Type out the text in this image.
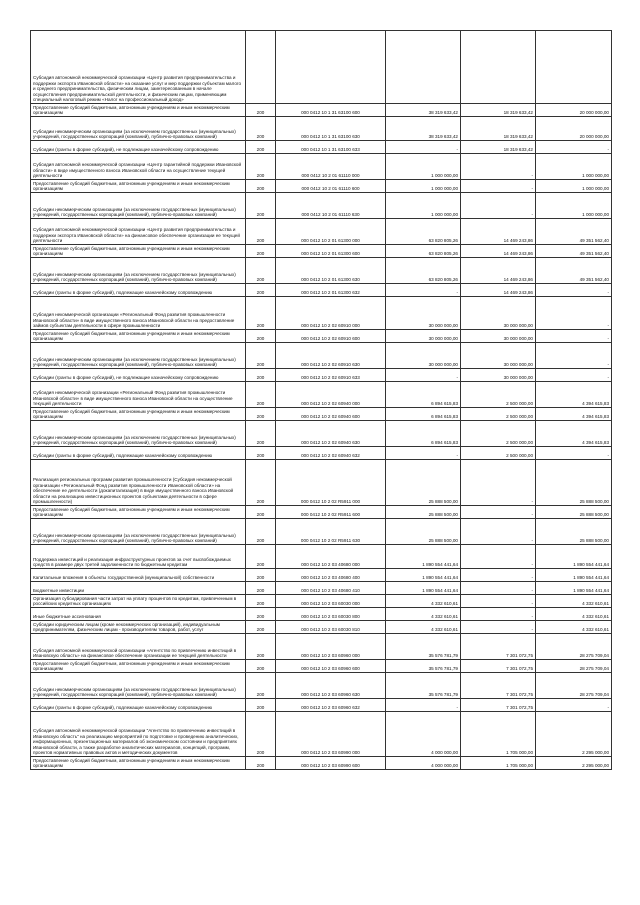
Субсидия автономной некоммерческой организации «Центр развития предпринимательства и поддержки экспорта Ивановской области» на оказание услуг и мер поддержки субъектам малого и среднего предпринимательства, физическим лицам, заинтересованным в начале осуществления предпринимательской деятельности, и физическим лицам, применяющим специальный налоговый режим «Налог на профессиональный доход»					
Предоставление субсидий бюджетным, автономным учреждениям и иным некоммерческим организациям	200	000 0412 10 1 31 63100 600	38 319 633,42	18 319 633,42	20 000 000,00
Субсидии некоммерческим организациям (за исключением государственных (муниципальных) учреждений, государственных корпораций (компаний), публично-правовых компаний)	200	000 0412 10 1 31 63100 630	38 319 633,42	18 319 633,42	20 000 000,00
Субсидии (гранты в форме субсидий), не подлежащие казначейскому сопровождению	200	000 0412 10 1 31 63100 633	-	18 319 633,42	-
Субсидия автономной некоммерческой организации «Центр гарантийной поддержки Ивановской области» в виде имущественного взноса Ивановской области на осуществление текущей деятельности	200	000 0412 10 2 01 61110 000	1 000 000,00	-	1 000 000,00
Предоставление субсидий бюджетным, автономным учреждениям и иным некоммерческим организациям	200	000 0412 10 2 01 61110 600	1 000 000,00	-	1 000 000,00
Субсидии некоммерческим организациям (за исключением государственных (муниципальных) учреждений, государственных корпораций (компаний), публично-правовых компаний)	200	000 0412 10 2 01 61110 630	1 000 000,00	-	1 000 000,00
Субсидия автономной некоммерческой организации «Центр развития предпринимательства и поддержки экспорта Ивановской области» на финансовое обеспечение организации ее текущей деятельности	200	000 0412 10 2 01 61300 000	63 820 805,26	14 469 243,86	49 351 562,40
Предоставление субсидий бюджетным, автономным учреждениям и иным некоммерческим организациям	200	000 0412 10 2 01 61300 600	63 820 805,26	14 469 243,86	49 351 562,40
Субсидии некоммерческим организациям (за исключением государственных (муниципальных) учреждений, государственных корпораций (компаний), публично-правовых компаний)	200	000 0412 10 2 01 61300 630	63 820 805,26	14 469 243,86	49 351 562,40
Субсидии (гранты в форме субсидий), подлежащие казначейскому сопровождению	200	000 0412 10 2 01 61300 632	-	14 469 243,86	-
Субсидия некоммерческой организации «Региональный Фонд развития промышленности Ивановской области» в виде имущественного взноса Ивановской области на предоставление займов субъектам деятельности в сфере промышленности	200	000 0412 10 2 02 60910 000	30 000 000,00	30 000 000,00	-
Предоставление субсидий бюджетным, автономным учреждениям и иным некоммерческим организациям	200	000 0412 10 2 02 60910 600	30 000 000,00	30 000 000,00	-
Субсидии некоммерческим организациям (за исключением государственных (муниципальных) учреждений, государственных корпораций (компаний), публично-правовых компаний)	200	000 0412 10 2 02 60910 630	30 000 000,00	30 000 000,00	-
Субсидии (гранты в форме субсидий), не подлежащие казначейскому сопровождению	200	000 0412 10 2 02 60910 633	-	30 000 000,00	-
Субсидия некоммерческой организации «Региональный Фонд развития промышленности Ивановской области» в виде имущественного взноса Ивановской области на осуществление текущей деятельности	200	000 0412 10 2 02 60940 000	6 894 615,83	2 500 000,00	4 394 615,83
Предоставление субсидий бюджетным, автономным учреждениям и иным некоммерческим организациям	200	000 0412 10 2 02 60940 600	6 894 615,83	2 500 000,00	4 394 615,83
Субсидии некоммерческим организациям (за исключением государственных (муниципальных) учреждений, государственных корпораций (компаний), публично-правовых компаний)	200	000 0412 10 2 02 60940 630	6 894 615,83	2 500 000,00	4 394 615,83
Субсидии (гранты в форме субсидий), подлежащие казначейскому сопровождению	200	000 0412 10 2 02 60940 632	-	2 500 000,00	-
Реализация региональных программ развития промышленности (Субсидия некоммерческой организации «Региональный Фонд развития промышленности Ивановской области» на обеспечение ее деятельности (докапитализация) в виде имущественного взноса Ивановской области на реализацию инвестиционных проектов субъектами деятельности в сфере промышленности)	200	000 0412 10 2 02 R5911 000	25 888 500,00	-	25 888 500,00
Предоставление субсидий бюджетным, автономным учреждениям и иным некоммерческим организациям	200	000 0412 10 2 02 R5911 600	25 888 500,00	-	25 888 500,00
Субсидии некоммерческим организациям (за исключением государственных (муниципальных) учреждений, государственных корпораций (компаний), публично-правовых компаний)	200	000 0412 10 2 02 R5911 630	25 888 500,00	-	25 888 500,00
Поддержка инвестиций и реализация инфраструктурных проектов за счет высвобождаемых средств в размере двух третей задолженности по бюджетным кредитам	200	000 0412 10 2 03 40680 000	1 890 554 441,64	-	1 890 554 441,64
Капитальные вложения в объекты государственной (муниципальной) собственности	200	000 0412 10 2 03 40680 400	1 890 554 441,64	-	1 890 554 441,64
Бюджетные инвестиции	200	000 0412 10 2 03 40680 410	1 890 554 441,64	-	1 890 554 441,64
Организация субсидирования части затрат на уплату процентов по кредитам, привлеченным в российских кредитных организациях	200	000 0412 10 2 03 60030 000	4 332 610,61	-	4 332 610,61
Иные бюджетные ассигнования	200	000 0412 10 2 03 60030 800	4 332 610,61	-	4 332 610,61
Субсидии юридическим лицам (кроме некоммерческих организаций), индивидуальным предпринимателям, физическим лицам - производителям товаров, работ, услуг	200	000 0412 10 2 03 60030 810	4 332 610,61	-	4 332 610,61
Субсидия автономной некоммерческой организации «Агентство по привлечению инвестиций в Ивановскую область» на финансовое обеспечение организации ее текущей деятельности	200	000 0412 10 2 03 60960 000	35 576 781,79	7 301 072,75	28 275 709,04
Предоставление субсидий бюджетным, автономным учреждениям и иным некоммерческим организациям	200	000 0412 10 2 03 60960 600	35 576 781,79	7 301 072,75	28 275 709,04
Субсидии некоммерческим организациям (за исключением государственных (муниципальных) учреждений, государственных корпораций (компаний), публично-правовых компаний)	200	000 0412 10 2 03 60960 630	35 576 781,79	7 301 072,75	28 275 709,04
Субсидии (гранты в форме субсидий), подлежащие казначейскому сопровождению	200	000 0412 10 2 03 60960 632	-	7 301 072,75	-
Субсидия автономной некоммерческой организации "Агентство по привлечению инвестиций в Ивановскую область" на реализацию мероприятий по подготовке и проведению аналитических, информационных, презентационных материалов об экономическом состоянии и предприятиях Ивановской области, а также разработке аналитических материалов, концепций, программ, проектов нормативных правовых актов и методических документов	200	000 0412 10 2 03 60990 000	4 000 000,00	1 705 000,00	2 295 000,00
Предоставление субсидий бюджетным, автономным учреждениям и иным некоммерческим организациям	200	000 0412 10 2 03 60990 600	4 000 000,00	1 705 000,00	2 295 000,00
